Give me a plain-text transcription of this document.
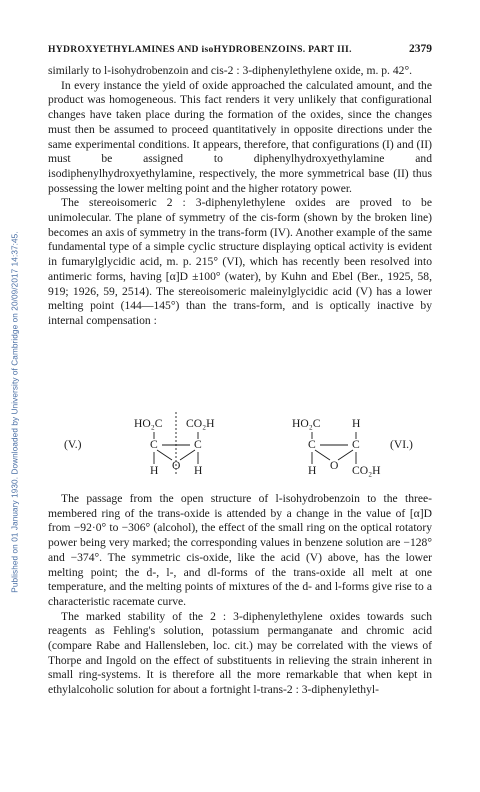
Published on 01 January 1930. Downloaded by University of Cambridge on 20/09/2017 14:37:45.
HYDROXYETHYLAMINES AND isoHYDROBENZOINS. PART III.	2379

similarly to l-isohydrobenzoin and cis-2 : 3-diphenylethylene oxide, m. p. 42°.

In every instance the yield of oxide approached the calculated amount, and the product was homogeneous. This fact renders it very unlikely that configurational changes have taken place during the formation of the oxides, since the changes must then be assumed to proceed quantitatively in opposite directions under the same experimental conditions. It appears, therefore, that configurations (I) and (II) must be assigned to diphenylhydroxyethylamine and isodiphenylhydroxyethylamine, respectively, the more symmetrical base (II) thus possessing the lower melting point and the higher rotatory power.

The stereoisomeric 2 : 3-diphenylethylene oxides are proved to be unimolecular. The plane of symmetry of the cis-form (shown by the broken line) becomes an axis of symmetry in the trans-form (IV). Another example of the same fundamental type of a simple cyclic structure displaying optical activity is evident in fumarylglycidic acid, m. p. 215° (VI), which has recently been resolved into antimeric forms, having [α]D ±100° (water), by Kuhn and Ebel (Ber., 1925, 58, 919; 1926, 59, 2514). The stereoisomeric maleinylglycidic acid (V) has a lower melting point (144—145°) than the trans-form, and is optically inactive by internal compensation :

(V.)
HO₂C CO₂H
C	C
O
H	H
HO₂C	H
C	C
O
H	CO₂H
(VI.)

The passage from the open structure of l-isohydrobenzoin to the three-membered ring of the trans-oxide is attended by a change in the value of [α]D from −92·0° to −306° (alcohol), the effect of the small ring on the optical rotatory power being very marked; the corresponding values in benzene solution are −128° and −374°. The symmetric cis-oxide, like the acid (V) above, has the lower melting point; the d-, l-, and dl-forms of the trans-oxide all melt at one temperature, and the melting points of mixtures of the d- and l-forms give rise to a characteristic racemate curve.

The marked stability of the 2 : 3-diphenylethylene oxides towards such reagents as Fehling's solution, potassium permanganate and chromic acid (compare Rabe and Hallensleben, loc. cit.) may be correlated with the views of Thorpe and Ingold on the effect of substituents in relieving the strain inherent in small ring-systems. It is therefore all the more remarkable that when kept in ethylalcoholic solution for about a fortnight l-trans-2 : 3-diphenylethyl-
